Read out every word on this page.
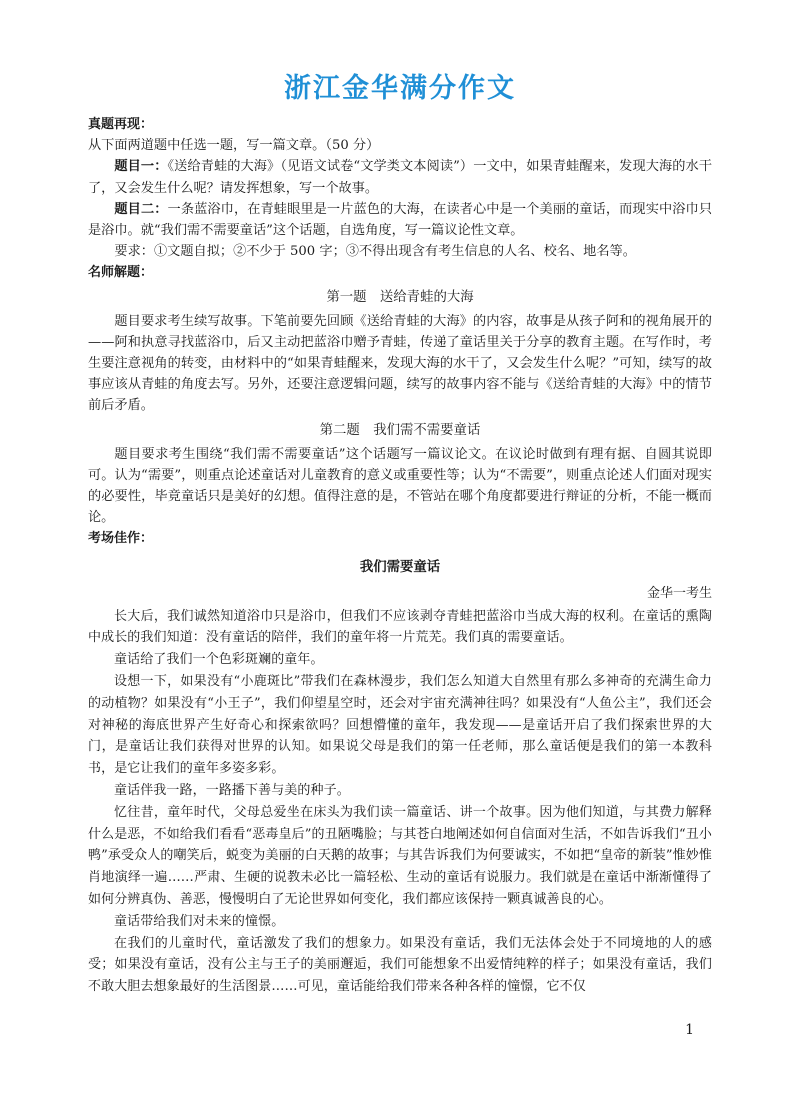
浙江金华满分作文

真题再现：

从下面两道题中任选一题，写一篇文章。（50 分）

题目一：《送给青蛙的大海》（见语文试卷“文学类文本阅读”）一文中，如果青蛙醒来，发现大海的水干了，又会发生什么呢？请发挥想象，写一个故事。

题目二：一条蓝浴巾，在青蛙眼里是一片蓝色的大海，在读者心中是一个美丽的童话，而现实中浴巾只是浴巾。就“我们需不需要童话”这个话题，自选角度，写一篇议论性文章。

要求：①文题自拟；②不少于 500 字；③不得出现含有考生信息的人名、校名、地名等。

名师解题：

第一题　送给青蛙的大海

题目要求考生续写故事。下笔前要先回顾《送给青蛙的大海》的内容，故事是从孩子阿和的视角展开的——阿和执意寻找蓝浴巾，后又主动把蓝浴巾赠予青蛙，传递了童话里关于分享的教育主题。在写作时，考生要注意视角的转变，由材料中的“如果青蛙醒来，发现大海的水干了，又会发生什么呢？”可知，续写的故事应该从青蛙的角度去写。另外，还要注意逻辑问题，续写的故事内容不能与《送给青蛙的大海》中的情节前后矛盾。

第二题　我们需不需要童话

题目要求考生围绕“我们需不需要童话”这个话题写一篇议论文。在议论时做到有理有据、自圆其说即可。认为“需要”，则重点论述童话对儿童教育的意义或重要性等；认为“不需要”，则重点论述人们面对现实的必要性，毕竟童话只是美好的幻想。值得注意的是，不管站在哪个角度都要进行辩证的分析，不能一概而论。

考场佳作：

我们需要童话

金华一考生

长大后，我们诚然知道浴巾只是浴巾，但我们不应该剥夺青蛙把蓝浴巾当成大海的权利。在童话的熏陶中成长的我们知道：没有童话的陪伴，我们的童年将一片荒芜。我们真的需要童话。

童话给了我们一个色彩斑斓的童年。

设想一下，如果没有“小鹿斑比”带我们在森林漫步，我们怎么知道大自然里有那么多神奇的充满生命力的动植物？如果没有“小王子”，我们仰望星空时，还会对宇宙充满神往吗？如果没有“人鱼公主”，我们还会对神秘的海底世界产生好奇心和探索欲吗？回想懵懂的童年，我发现——是童话开启了我们探索世界的大门，是童话让我们获得对世界的认知。如果说父母是我们的第一任老师，那么童话便是我们的第一本教科书，是它让我们的童年多姿多彩。

童话伴我一路，一路播下善与美的种子。

忆往昔，童年时代，父母总爱坐在床头为我们读一篇童话、讲一个故事。因为他们知道，与其费力解释什么是恶，不如给我们看看“恶毒皇后”的丑陋嘴脸；与其苍白地阐述如何自信面对生活，不如告诉我们“丑小鸭”承受众人的嘲笑后，蜕变为美丽的白天鹅的故事；与其告诉我们为何要诚实，不如把“皇帝的新装”惟妙惟肖地演绎一遍……严肃、生硬的说教未必比一篇轻松、生动的童话有说服力。我们就是在童话中渐渐懂得了如何分辨真伪、善恶，慢慢明白了无论世界如何变化，我们都应该保持一颗真诚善良的心。

童话带给我们对未来的憧憬。

在我们的儿童时代，童话激发了我们的想象力。如果没有童话，我们无法体会处于不同境地的人的感受；如果没有童话，没有公主与王子的美丽邂逅，我们可能想象不出爱情纯粹的样子；如果没有童话，我们不敢大胆去想象最好的生活图景……可见，童话能给我们带来各种各样的憧憬，它不仅

1
